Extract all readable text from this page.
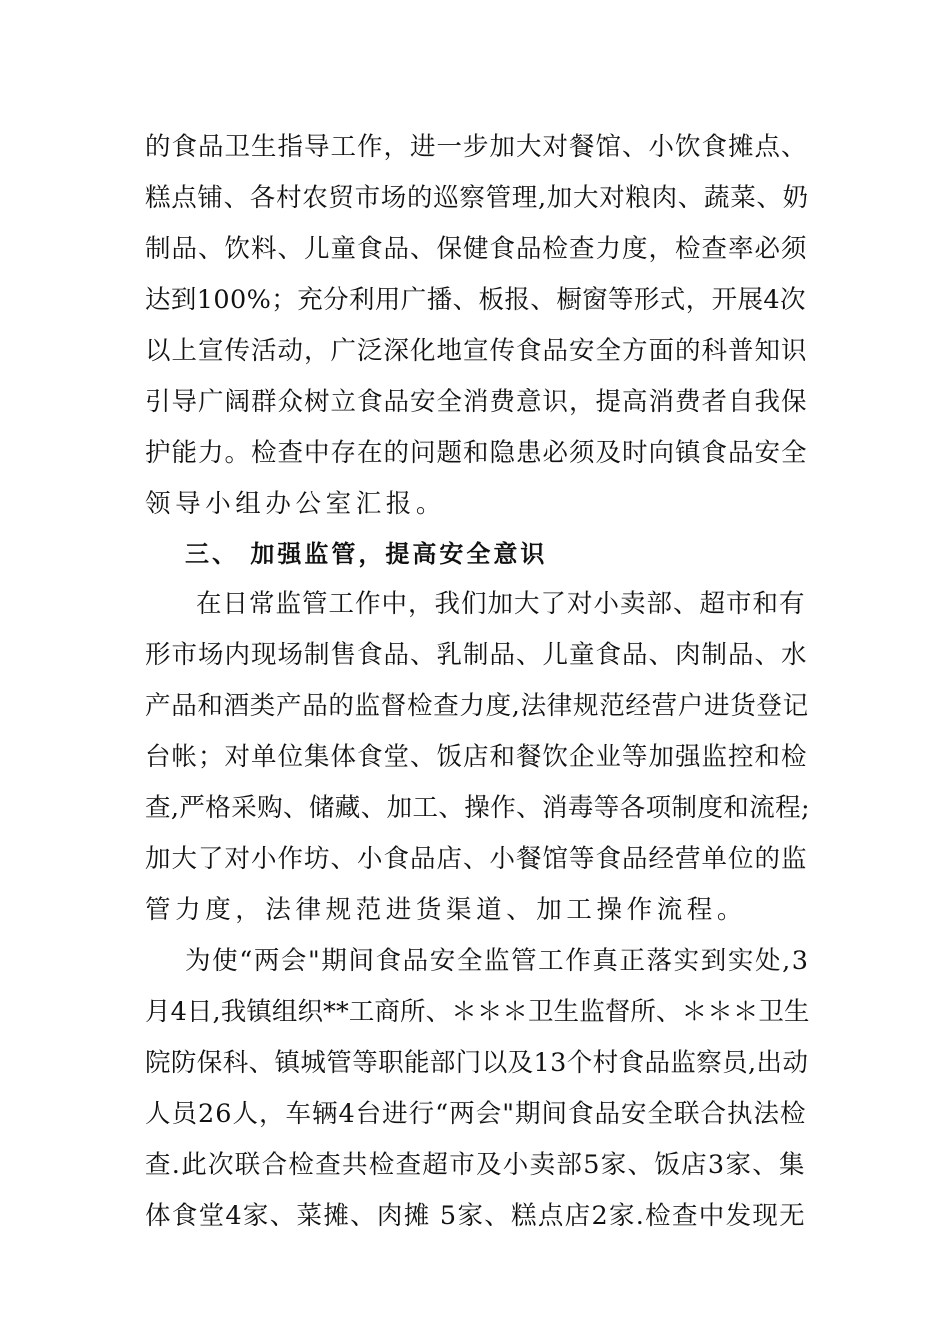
的食品卫生指导工作，进一步加大对餐馆、小饮食摊点、
糕点铺、各村农贸市场的巡察管理,加大对粮肉、蔬菜、奶
制品、饮料、儿童食品、保健食品检查力度，检查率必须
达到100%；充分利用广播、板报、橱窗等形式，开展4次
以上宣传活动，广泛深化地宣传食品安全方面的科普知识
引导广阔群众树立食品安全消费意识，提高消费者自我保
护能力。检查中存在的问题和隐患必须及时向镇食品安全
领导小组办公室汇报。
三、 加强监管，提高安全意识
在日常监管工作中，我们加大了对小卖部、超市和有
形市场内现场制售食品、乳制品、儿童食品、肉制品、水
产品和酒类产品的监督检查力度,法律规范经营户进货登记
台帐；对单位集体食堂、饭店和餐饮企业等加强监控和检
查,严格采购、储藏、加工、操作、消毒等各项制度和流程;
加大了对小作坊、小食品店、小餐馆等食品经营单位的监
管力度，法律规范进货渠道、加工操作流程。
为使“两会"期间食品安全监管工作真正落实到实处,3
月4日,我镇组织**工商所、＊＊＊卫生监督所、＊＊＊卫生
院防保科、镇城管等职能部门以及13个村食品监察员,出动
人员26人，车辆4台进行“两会"期间食品安全联合执法检
查.此次联合检查共检查超市及小卖部5家、饭店3家、集
体食堂4家、菜摊、肉摊 5家、糕点店2家.检查中发现无
